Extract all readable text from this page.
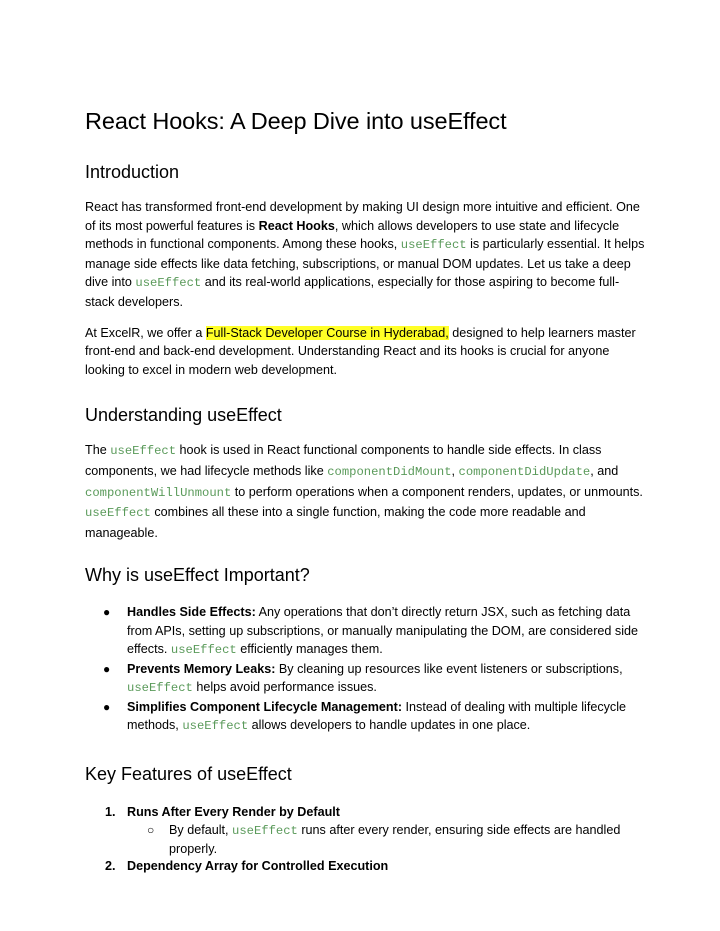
React Hooks: A Deep Dive into useEffect
Introduction

React has transformed front-end development by making UI design more intuitive and efficient. One of its most powerful features is React Hooks, which allows developers to use state and lifecycle methods in functional components. Among these hooks, useEffect is particularly essential. It helps manage side effects like data fetching, subscriptions, or manual DOM updates. Let us take a deep dive into useEffect and its real-world applications, especially for those aspiring to become full-stack developers.

At ExcelR, we offer a Full-Stack Developer Course in Hyderabad, designed to help learners master front-end and back-end development. Understanding React and its hooks is crucial for anyone looking to excel in modern web development.

Understanding useEffect

The useEffect hook is used in React functional components to handle side effects. In class components, we had lifecycle methods like componentDidMount, componentDidUpdate, and componentWillUnmount to perform operations when a component renders, updates, or unmounts. useEffect combines all these into a single function, making the code more readable and manageable.

Why is useEffect Important?
● Handles Side Effects: Any operations that don’t directly return JSX, such as fetching data from APIs, setting up subscriptions, or manually manipulating the DOM, are considered side effects. useEffect efficiently manages them.
● Prevents Memory Leaks: By cleaning up resources like event listeners or subscriptions, useEffect helps avoid performance issues.
● Simplifies Component Lifecycle Management: Instead of dealing with multiple lifecycle methods, useEffect allows developers to handle updates in one place.
Key Features of useEffect
1. Runs After Every Render by Default
○ By default, useEffect runs after every render, ensuring side effects are handled properly.
2. Dependency Array for Controlled Execution
